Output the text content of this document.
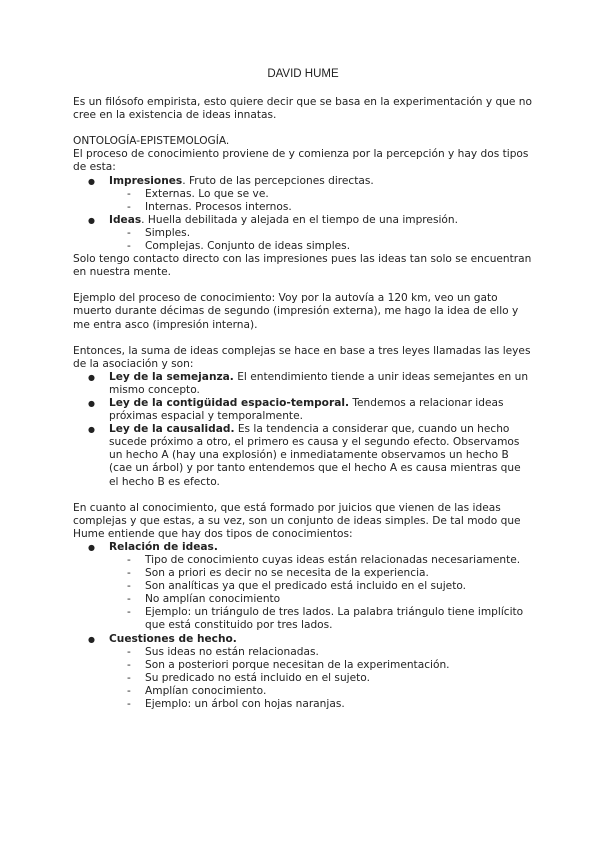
DAVID HUME

Es un filósofo empirista, esto quiere decir que se basa en la experimentación y que no cree en la existencia de ideas innatas.

ONTOLOGÍA-EPISTEMOLOGÍA.

El proceso de conocimiento proviene de y comienza por la percepción y hay dos tipos de esta:

● Impresiones. Fruto de las percepciones directas.
- Externas. Lo que se ve.
- Internas. Procesos internos.
● Ideas. Huella debilitada y alejada en el tiempo de una impresión.
- Simples.
- Complejas. Conjunto de ideas simples.

Solo tengo contacto directo con las impresiones pues las ideas tan solo se encuentran en nuestra mente.

Ejemplo del proceso de conocimiento: Voy por la autovía a 120 km, veo un gato muerto durante décimas de segundo (impresión externa), me hago la idea de ello y me entra asco (impresión interna).

Entonces, la suma de ideas complejas se hace en base a tres leyes llamadas las leyes de la asociación y son:

● Ley de la semejanza. El entendimiento tiende a unir ideas semejantes en un mismo concepto.
● Ley de la contigüidad espacio-temporal. Tendemos a relacionar ideas próximas espacial y temporalmente.
● Ley de la causalidad. Es la tendencia a considerar que, cuando un hecho sucede próximo a otro, el primero es causa y el segundo efecto. Observamos un hecho A (hay una explosión) e inmediatamente observamos un hecho B (cae un árbol) y por tanto entendemos que el hecho A es causa mientras que el hecho B es efecto.

En cuanto al conocimiento, que está formado por juicios que vienen de las ideas complejas y que estas, a su vez, son un conjunto de ideas simples. De tal modo que Hume entiende que hay dos tipos de conocimientos:

● Relación de ideas.
- Tipo de conocimiento cuyas ideas están relacionadas necesariamente.
- Son a priori es decir no se necesita de la experiencia.
- Son analíticas ya que el predicado está incluido en el sujeto.
- No amplían conocimiento
- Ejemplo: un triángulo de tres lados. La palabra triángulo tiene implícito que está constituido por tres lados.
● Cuestiones de hecho.
- Sus ideas no están relacionadas.
- Son a posteriori porque necesitan de la experimentación.
- Su predicado no está incluido en el sujeto.
- Amplían conocimiento.
- Ejemplo: un árbol con hojas naranjas.
